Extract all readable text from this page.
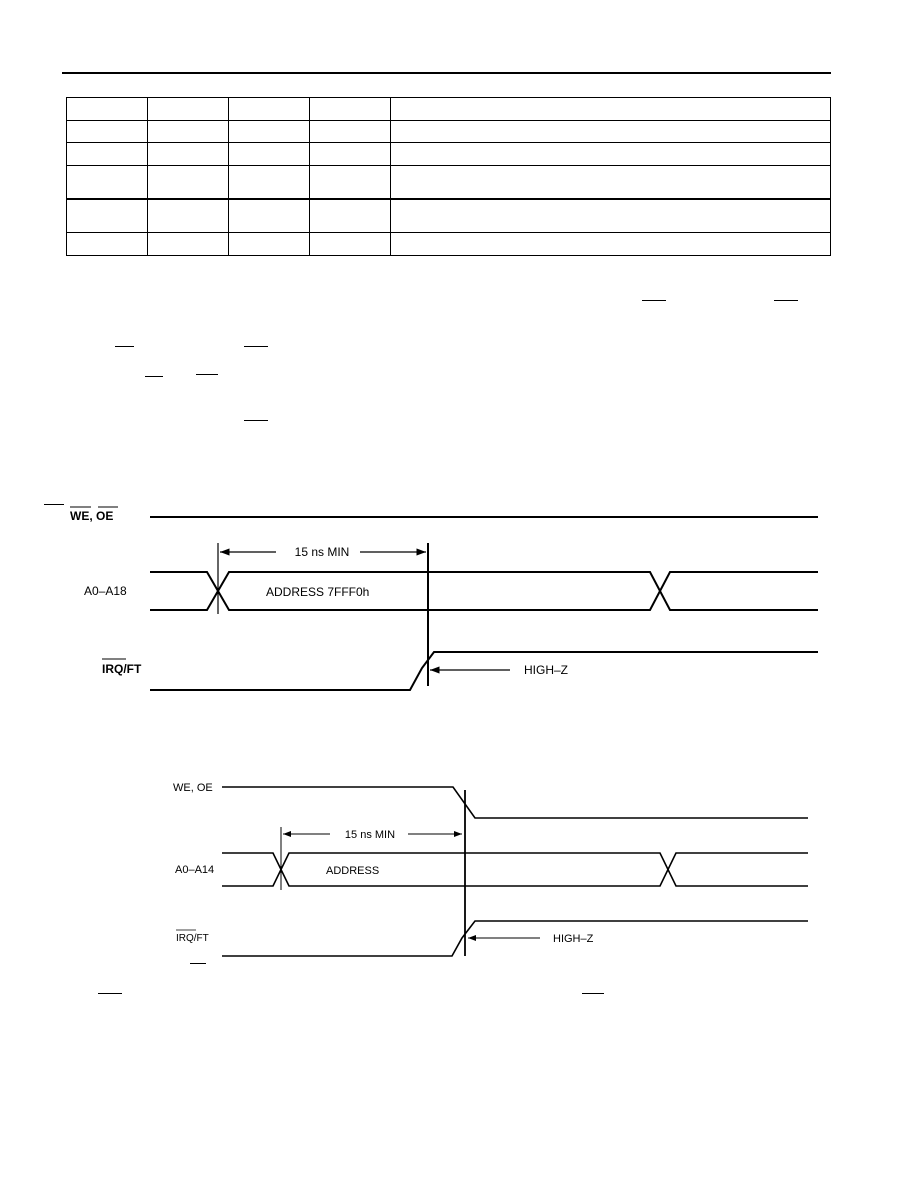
WE, OE
15 ns MIN
A0–A18	ADDRESS 7FFF0h
IRQ/FT	HIGH–Z
WE, OE
15 ns MIN
A0–A14	ADDRESS
IRQ/FT	HIGH–Z
